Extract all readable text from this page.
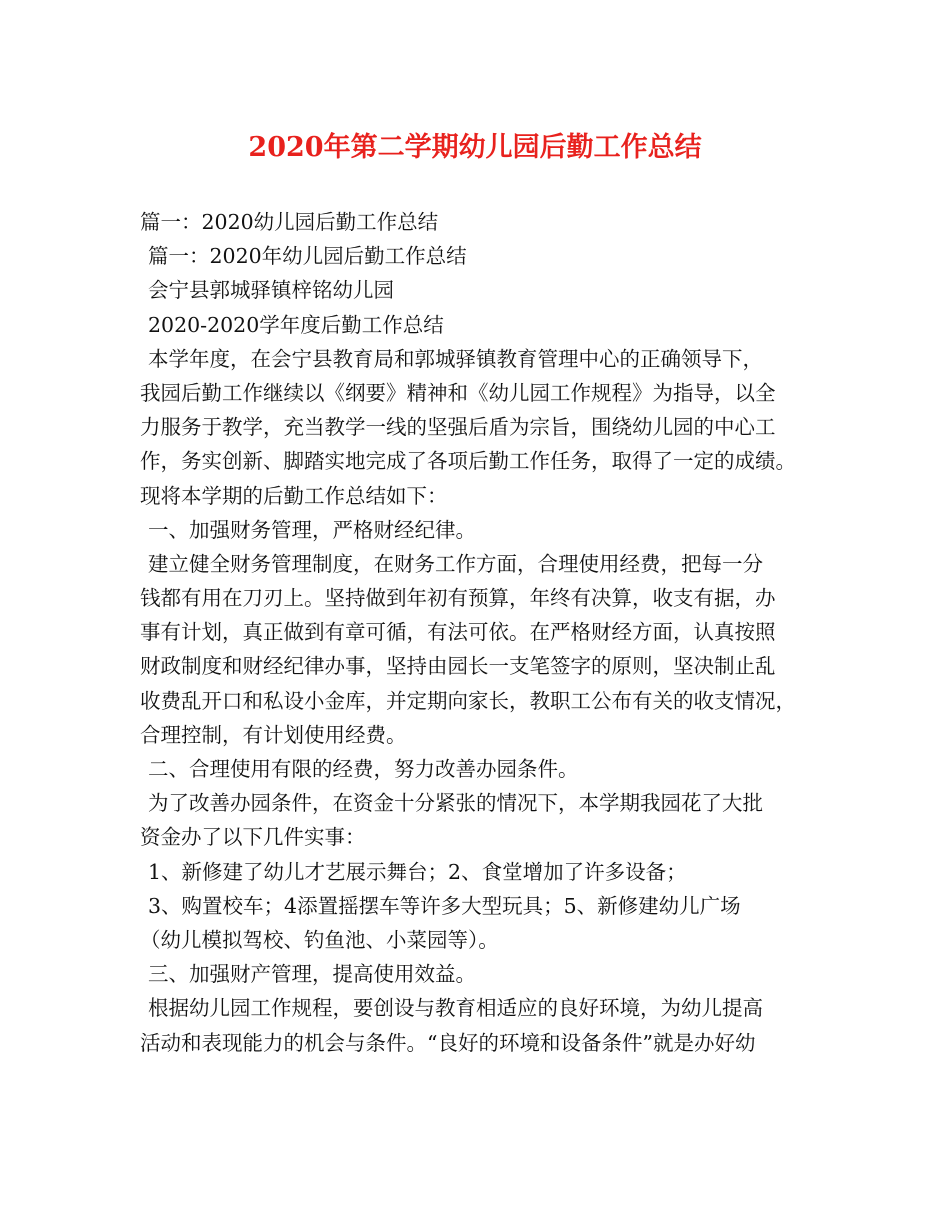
2020年第二学期幼儿园后勤工作总结
篇一：2020幼儿园后勤工作总结
篇一：2020年幼儿园后勤工作总结
会宁县郭城驿镇梓铭幼儿园
2020-2020学年度后勤工作总结
本学年度，在会宁县教育局和郭城驿镇教育管理中心的正确领导下，
我园后勤工作继续以《纲要》精神和《幼儿园工作规程》为指导，以全
力服务于教学，充当教学一线的坚强后盾为宗旨，围绕幼儿园的中心工
作，务实创新、脚踏实地完成了各项后勤工作任务，取得了一定的成绩。
现将本学期的后勤工作总结如下：
一、加强财务管理，严格财经纪律。
建立健全财务管理制度，在财务工作方面，合理使用经费，把每一分
钱都有用在刀刃上。坚持做到年初有预算，年终有决算，收支有据，办
事有计划，真正做到有章可循，有法可依。在严格财经方面，认真按照
财政制度和财经纪律办事，坚持由园长一支笔签字的原则，坚决制止乱
收费乱开口和私设小金库，并定期向家长，教职工公布有关的收支情况，
合理控制，有计划使用经费。
二、合理使用有限的经费，努力改善办园条件。
为了改善办园条件，在资金十分紧张的情况下，本学期我园花了大批
资金办了以下几件实事：
1、新修建了幼儿才艺展示舞台；2、食堂增加了许多设备；
3、购置校车；4添置摇摆车等许多大型玩具；5、新修建幼儿广场
（幼儿模拟驾校、钓鱼池、小菜园等）。
三、加强财产管理，提高使用效益。
根据幼儿园工作规程，要创设与教育相适应的良好环境，为幼儿提高
活动和表现能力的机会与条件。“良好的环境和设备条件”就是办好幼
